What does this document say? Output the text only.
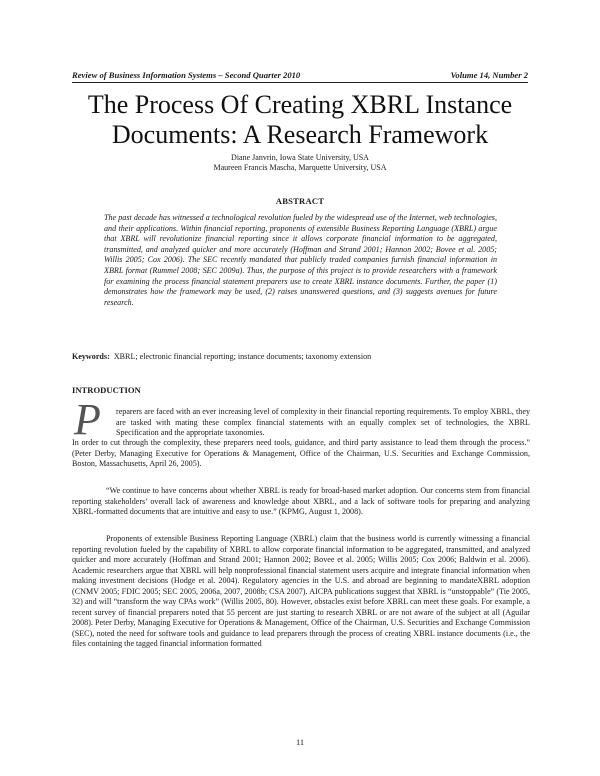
Review of Business Information Systems – Second Quarter 2010	Volume 14, Number 2
The Process Of Creating XBRL Instance
Documents: A Research Framework
Diane Janvrin, Iowa State University, USA
Maureen Francis Mascha, Marquette University, USA
ABSTRACT
The past decade has witnessed a technological revolution fueled by the widespread use of the Internet, web technologies, and their applications. Within financial reporting, proponents of extensible Business Reporting Language (XBRL) argue that XBRL will revolutionize financial reporting since it allows corporate financial information to be aggregated, transmitted, and analyzed quicker and more accurately (Hoffman and Strand 2001; Hannon 2002; Bovee et al. 2005; Willis 2005; Cox 2006). The SEC recently mandated that publicly traded companies furnish financial information in XBRL format (Rummel 2008; SEC 2009a). Thus, the purpose of this project is to provide researchers with a framework for examining the process financial statement preparers use to create XBRL instance documents. Further, the paper (1) demonstrates how the framework may be used, (2) raises unanswered questions, and (3) suggests avenues for future research.
Keywords: XBRL; electronic financial reporting; instance documents; taxonomy extension
INTRODUCTION
P reparers are faced with an ever increasing level of complexity in their financial reporting requirements. To employ XBRL, they are tasked with mating these complex financial statements with an equally complex set of technologies, the XBRL Specification and the appropriate taxonomies.
In order to cut through the complexity, these preparers need tools, guidance, and third party assistance to lead them through the process.” (Peter Derby, Managing Executive for Operations & Management, Office of the Chairman, U.S. Securities and Exchange Commission, Boston, Massachusetts, April 26, 2005).
“We continue to have concerns about whether XBRL is ready for broad-based market adoption. Our concerns stem from financial reporting stakeholders’ overall lack of awareness and knowledge about XBRL, and a lack of software tools for preparing and analyzing XBRL-formatted documents that are intuitive and easy to use.” (KPMG, August 1, 2008).
Proponents of extensible Business Reporting Language (XBRL) claim that the business world is currently witnessing a financial reporting revolution fueled by the capability of XBRL to allow corporate financial information to be aggregated, transmitted, and analyzed quicker and more accurately (Hoffman and Strand 2001; Hannon 2002; Bovee et al. 2005; Willis 2005; Cox 2006; Baldwin et al. 2006). Academic researchers argue that XBRL will help nonprofessional financial statement users acquire and integrate financial information when making investment decisions (Hodge et al. 2004). Regulatory agencies in the U.S. and abroad are beginning to mandateXBRL adoption (CNMV 2005; FDIC 2005; SEC 2005, 2006a, 2007, 2008b; CSA 2007). AICPA publications suggest that XBRL is “unstoppable” (Tie 2005, 32) and will “transform the way CPAs work” (Willis 2005, 80). However, obstacles exist before XBRL can meet these goals. For example, a recent survey of financial preparers noted that 55 percent are just starting to research XBRL or are not aware of the subject at all (Aguilar 2008). Peter Derby, Managing Executive for Operations & Management, Office of the Chairman, U.S. Securities and Exchange Commission (SEC), noted the need for software tools and guidance to lead preparers through the process of creating XBRL instance documents (i.e., the files containing the tagged financial information formatted
11
